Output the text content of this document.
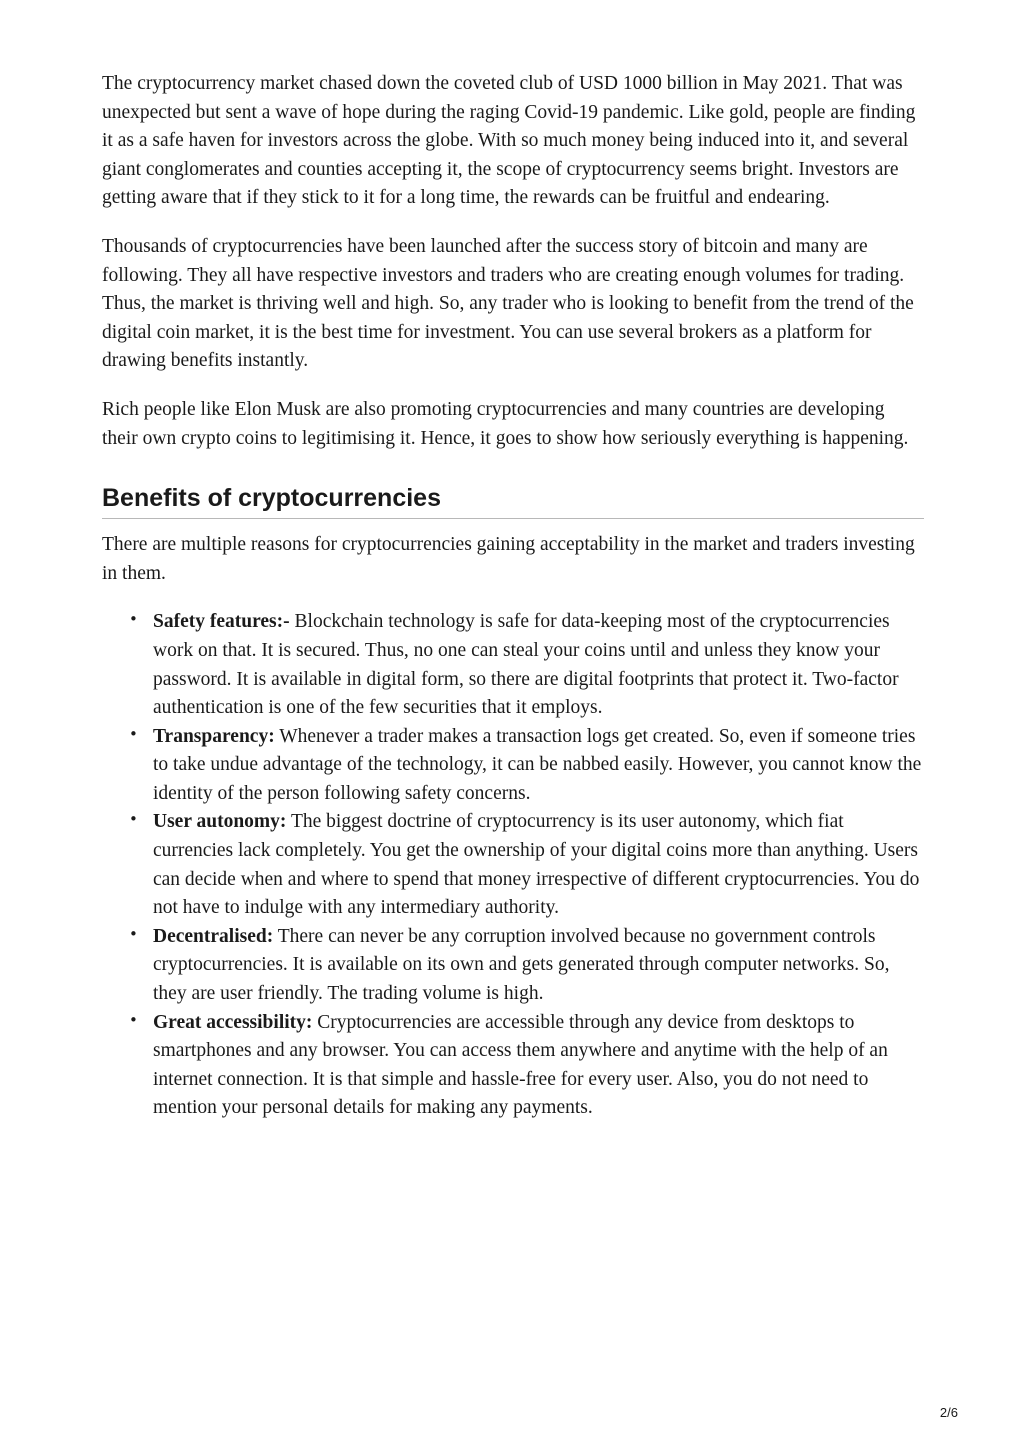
The cryptocurrency market chased down the coveted club of USD 1000 billion in May 2021. That was unexpected but sent a wave of hope during the raging Covid-19 pandemic. Like gold, people are finding it as a safe haven for investors across the globe. With so much money being induced into it, and several giant conglomerates and counties accepting it, the scope of cryptocurrency seems bright. Investors are getting aware that if they stick to it for a long time, the rewards can be fruitful and endearing.

Thousands of cryptocurrencies have been launched after the success story of bitcoin and many are following. They all have respective investors and traders who are creating enough volumes for trading. Thus, the market is thriving well and high. So, any trader who is looking to benefit from the trend of the digital coin market, it is the best time for investment. You can use several brokers as a platform for drawing benefits instantly.

Rich people like Elon Musk are also promoting cryptocurrencies and many countries are developing their own crypto coins to legitimising it. Hence, it goes to show how seriously everything is happening.

Benefits of cryptocurrencies

There are multiple reasons for cryptocurrencies gaining acceptability in the market and traders investing in them.

• Safety features:- Blockchain technology is safe for data-keeping most of the cryptocurrencies work on that. It is secured. Thus, no one can steal your coins until and unless they know your password. It is available in digital form, so there are digital footprints that protect it. Two-factor authentication is one of the few securities that it employs.
• Transparency: Whenever a trader makes a transaction logs get created. So, even if someone tries to take undue advantage of the technology, it can be nabbed easily. However, you cannot know the identity of the person following safety concerns.
• User autonomy: The biggest doctrine of cryptocurrency is its user autonomy, which fiat currencies lack completely. You get the ownership of your digital coins more than anything. Users can decide when and where to spend that money irrespective of different cryptocurrencies. You do not have to indulge with any intermediary authority.
• Decentralised: There can never be any corruption involved because no government controls cryptocurrencies. It is available on its own and gets generated through computer networks. So, they are user friendly. The trading volume is high.
• Great accessibility: Cryptocurrencies are accessible through any device from desktops to smartphones and any browser. You can access them anywhere and anytime with the help of an internet connection. It is that simple and hassle-free for every user. Also, you do not need to mention your personal details for making any payments.
2/6
